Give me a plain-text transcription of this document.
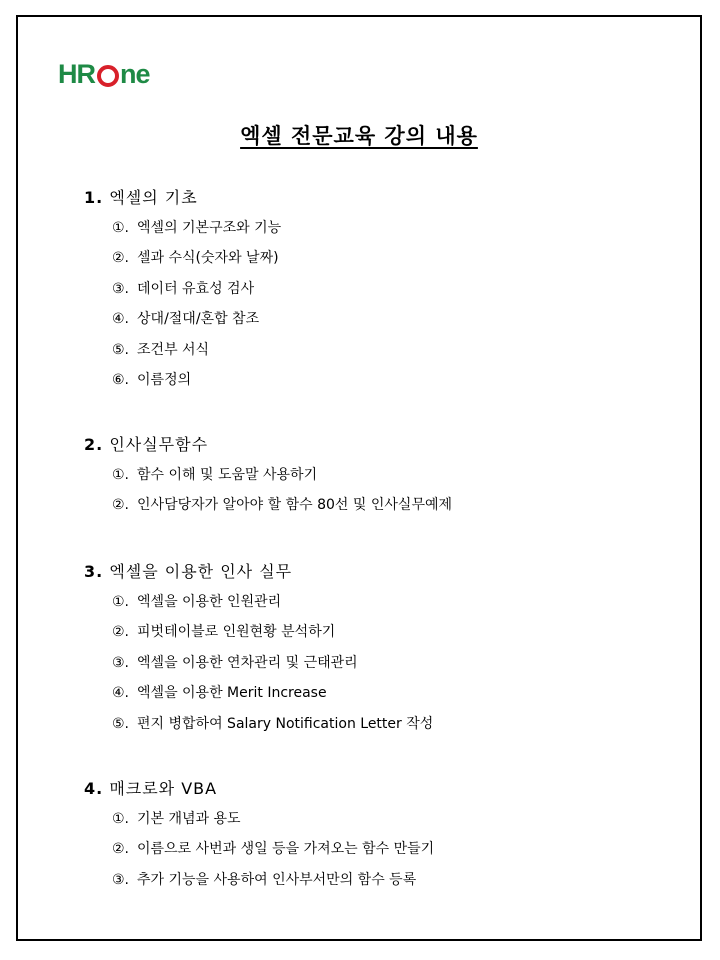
HR ne
엑셀 전문교육 강의 내용
1. 엑셀의 기초
①. 엑셀의 기본구조와 기능
②. 셀과 수식(숫자와 날짜)
③. 데이터 유효성 검사
④. 상대/절대/혼합 참조
⑤. 조건부 서식
⑥. 이름정의
2. 인사실무함수
①. 함수 이해 및 도움말 사용하기
②. 인사담당자가 알아야 할 함수 80선 및 인사실무예제
3. 엑셀을 이용한 인사 실무
①. 엑셀을 이용한 인원관리
②. 피벗테이블로 인원현황 분석하기
③. 엑셀을 이용한 연차관리 및 근태관리
④. 엑셀을 이용한 Merit Increase
⑤. 편지 병합하여 Salary Notification Letter 작성
4. 매크로와 VBA
①. 기본 개념과 용도
②. 이름으로 사번과 생일 등을 가져오는 함수 만들기
③. 추가 기능을 사용하여 인사부서만의 함수 등록
